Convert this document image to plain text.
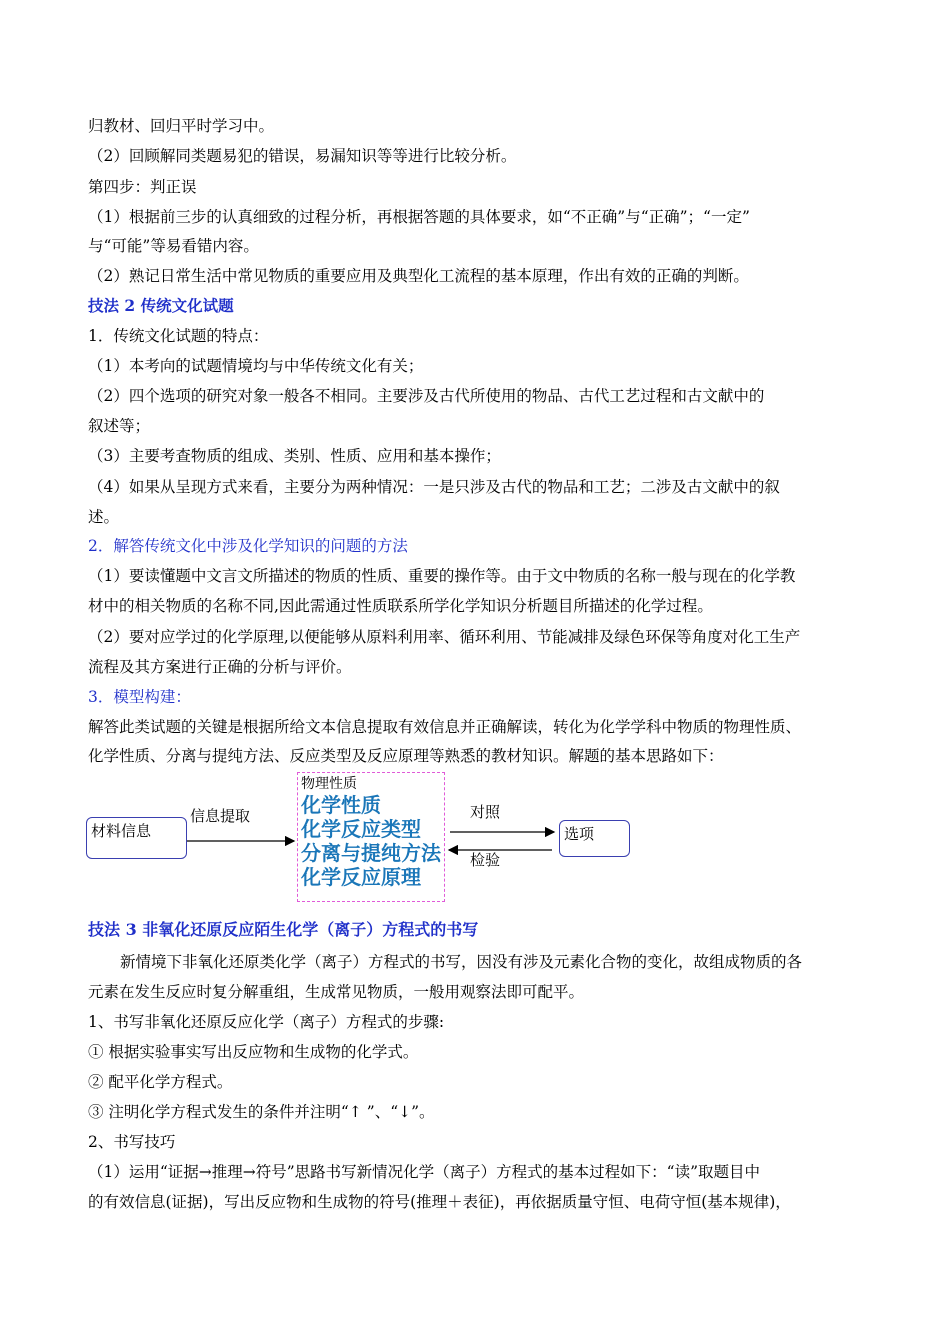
归教材、回归平时学习中。
（2）回顾解同类题易犯的错误，易漏知识等等进行比较分析。
第四步：判正误
（1）根据前三步的认真细致的过程分析，再根据答题的具体要求，如“不正确”与“正确”；“一定”
与“可能”等易看错内容。
（2）熟记日常生活中常见物质的重要应用及典型化工流程的基本原理，作出有效的正确的判断。
技法 2 传统文化试题
1．传统文化试题的特点：
（1）本考向的试题情境均与中华传统文化有关；
（2）四个选项的研究对象一般各不相同。主要涉及古代所使用的物品、古代工艺过程和古文献中的
叙述等；
（3）主要考查物质的组成、类别、性质、应用和基本操作；
（4）如果从呈现方式来看，主要分为两种情况：一是只涉及古代的物品和工艺；二涉及古文献中的叙
述。
2．解答传统文化中涉及化学知识的问题的方法
（1）要读懂题中文言文所描述的物质的性质、重要的操作等。由于文中物质的名称一般与现在的化学教
材中的相关物质的名称不同,因此需通过性质联系所学化学知识分析题目所描述的化学过程。
（2）要对应学过的化学原理,以便能够从原料利用率、循环利用、节能减排及绿色环保等角度对化工生产
流程及其方案进行正确的分析与评价。
3．模型构建：
解答此类试题的关键是根据所给文本信息提取有效信息并正确解读，转化为化学学科中物质的物理性质、
化学性质、分离与提纯方法、反应类型及反应原理等熟悉的教材知识。解题的基本思路如下：
材料信息
信息提取
物理性质
化学性质
化学反应类型
分离与提纯方法
化学反应原理
对照
检验
选项
技法 3 非氧化还原反应陌生化学（离子）方程式的书写
新情境下非氧化还原类化学（离子）方程式的书写，因没有涉及元素化合物的变化，故组成物质的各
元素在发生反应时复分解重组，生成常见物质，一般用观察法即可配平。
1、书写非氧化还原反应化学（离子）方程式的步骤:
① 根据实验事实写出反应物和生成物的化学式。
② 配平化学方程式。
③ 注明化学方程式发生的条件并注明“↑ ”、“↓”。
2、书写技巧
（1）运用“证据→推理→符号”思路书写新情况化学（离子）方程式的基本过程如下：“读”取题目中
的有效信息(证据)，写出反应物和生成物的符号(推理＋表征)，再依据质量守恒、电荷守恒(基本规律)，
